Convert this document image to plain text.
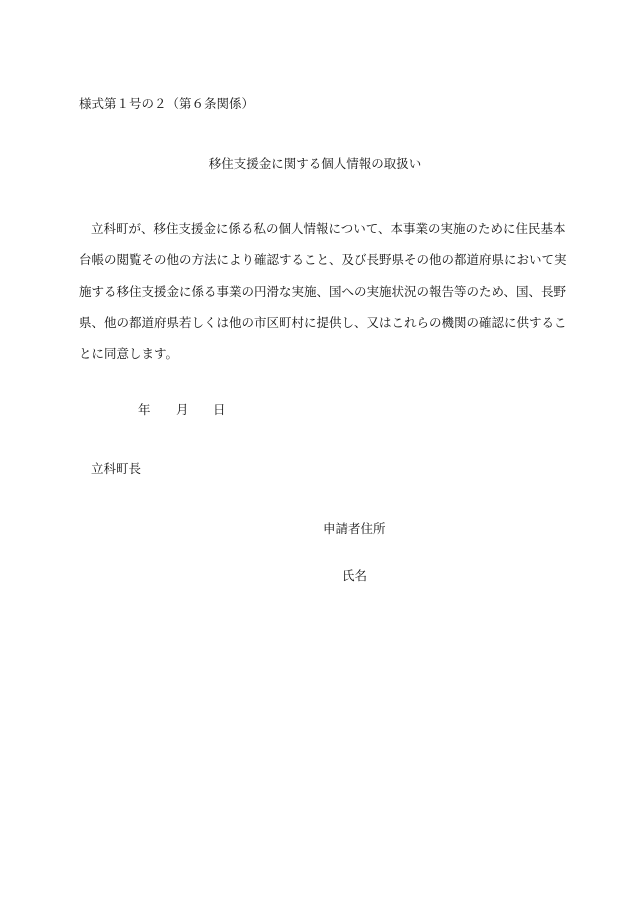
様式第１号の２（第６条関係）

移住支援金に関する個人情報の取扱い

立科町が、移住支援金に係る私の個人情報について、本事業の実施のために住民基本

台帳の閲覧その他の方法により確認すること、及び長野県その他の都道府県において実

施する移住支援金に係る事業の円滑な実施、国への実施状況の報告等のため、国、長野

県、他の都道府県若しくは他の市区町村に提供し、又はこれらの機関の確認に供するこ

とに同意します。

年 月 日

立科町長

申請者住所

氏名
